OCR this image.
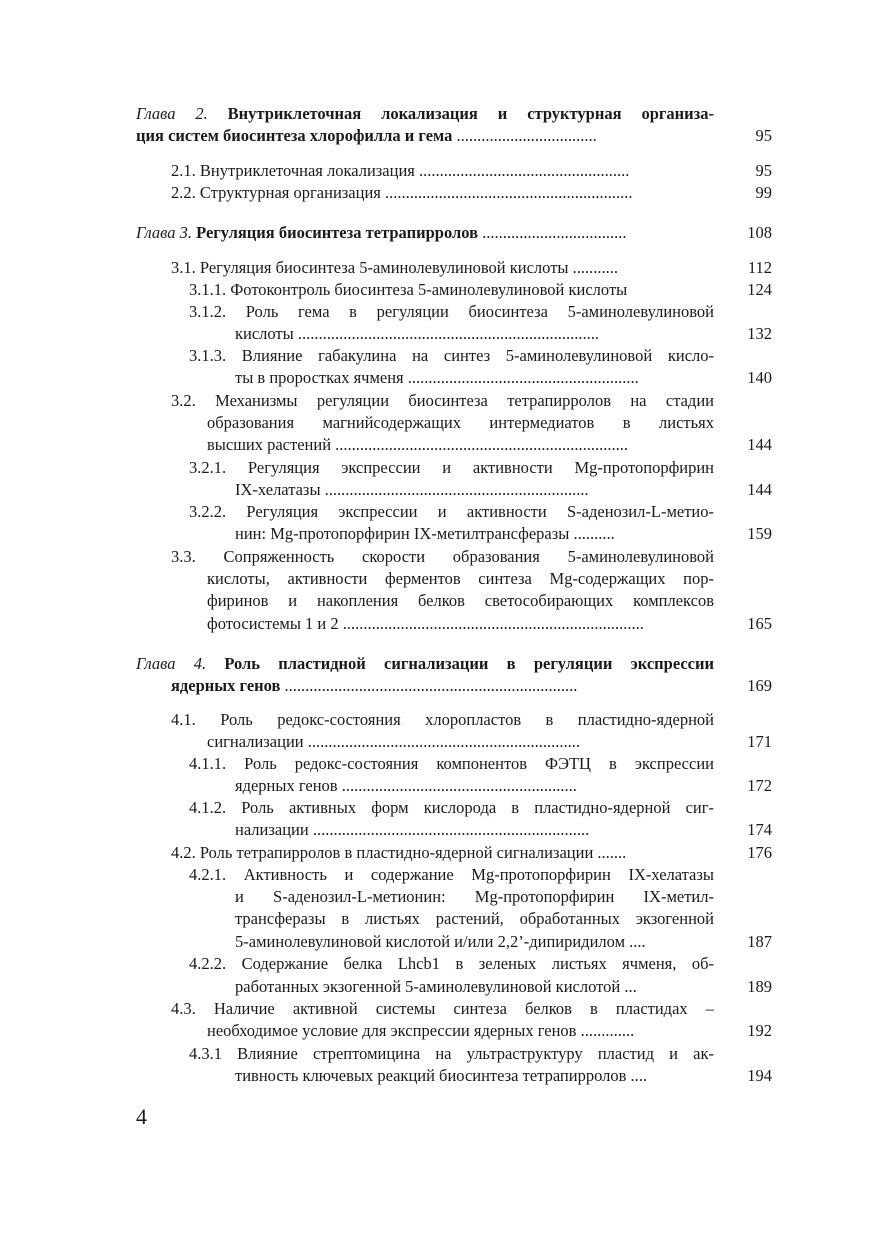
Глава 2. Внутриклеточная локализация и структурная организа-
ция систем биосинтеза хлорофилла и гема ..................................	95
2.1. Внутриклеточная локализация ...................................................	95
2.2. Структурная организация ............................................................	99
Глава 3. Регуляция биосинтеза тетрапирролов ...................................	108
3.1. Регуляция биосинтеза 5-аминолевулиновой кислоты ...........	112
3.1.1. Фотоконтроль биосинтеза 5-аминолевулиновой кислоты	124
3.1.2. Роль гема в регуляции биосинтеза 5-аминолевулиновой
кислоты .........................................................................	132
3.1.3. Влияние габакулина на синтез 5-аминолевулиновой кисло-
ты в проростках ячменя ........................................................	140
3.2. Механизмы регуляции биосинтеза тетрапирролов на стадии
образования магнийсодержащих интермедиатов в листьях
высших растений .......................................................................	144
3.2.1. Регуляция экспрессии и активности Mg-протопорфирин
IX-хелатазы ................................................................	144
3.2.2. Регуляция экспрессии и активности S-аденозил-L-метио-
нин: Mg-протопорфирин IX-метилтрансферазы ..........	159
3.3. Сопряженность скорости образования 5-аминолевулиновой
кислоты, активности ферментов синтеза Mg-содержащих пор-
фиринов и накопления белков светособирающих комплексов
фотосистемы 1 и 2 .........................................................................	165
Глава 4. Роль пластидной сигнализации в регуляции экспрессии
ядерных генов .......................................................................	169
4.1. Роль редокс-состояния хлоропластов в пластидно-ядерной
сигнализации ..................................................................	171
4.1.1. Роль редокс-состояния компонентов ФЭТЦ в экспрессии
ядерных генов .........................................................	172
4.1.2. Роль активных форм кислорода в пластидно-ядерной сиг-
нализации ...................................................................	174
4.2. Роль тетрапирролов в пластидно-ядерной сигнализации .......	176
4.2.1. Активность и содержание Mg-протопорфирин IX-хелатазы
и S-аденозил-L-метионин: Mg-протопорфирин IX-метил-
трансферазы в листьях растений, обработанных экзогенной
5-аминолевулиновой кислотой и/или 2,2’-дипиридилом ....	187
4.2.2. Содержание белка Lhcb1 в зеленых листьях ячменя, об-
работанных экзогенной 5-аминолевулиновой кислотой ...	189
4.3. Наличие активной системы синтеза белков в пластидах –
необходимое условие для экспрессии ядерных генов .............	192
4.3.1 Влияние стрептомицина на ультраструктуру пластид и ак-
тивность ключевых реакций биосинтеза тетрапирролов ....	194
4
